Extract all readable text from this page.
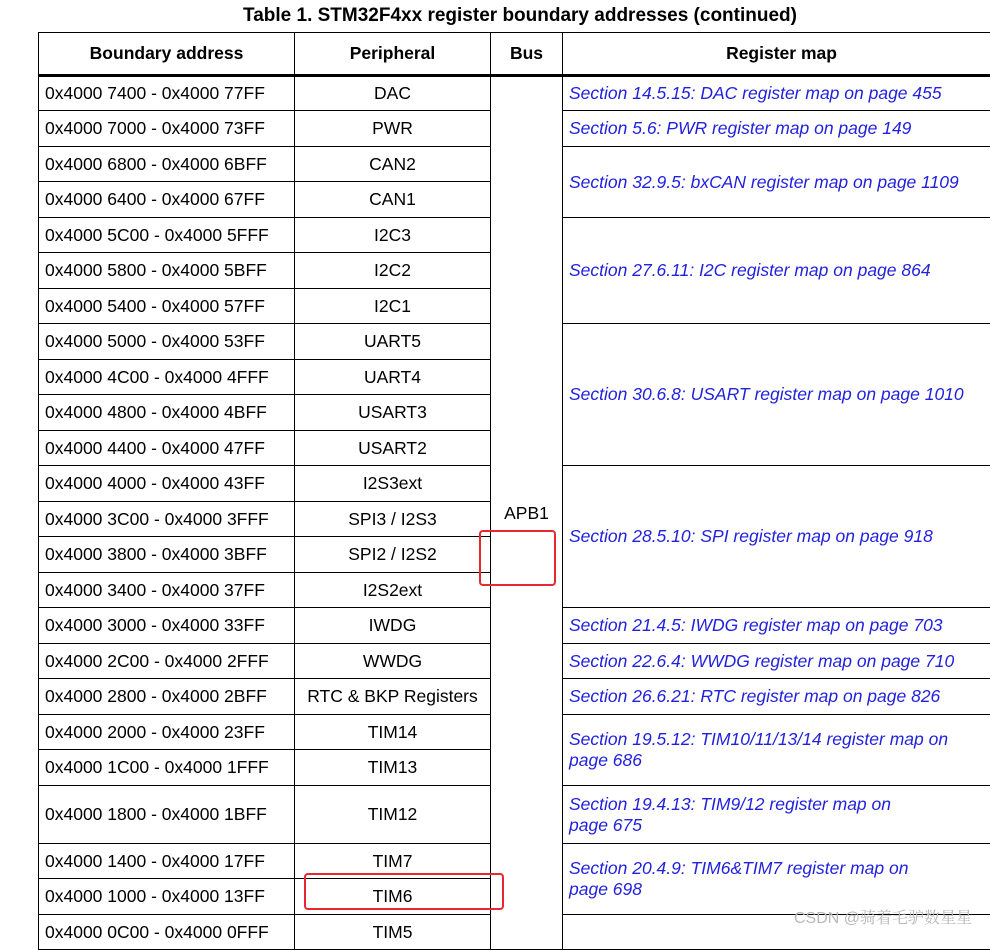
Table 1. STM32F4xx register boundary addresses (continued)
Boundary address	Peripheral	Bus	Register map
0x4000 7400 - 0x4000 77FF	DAC	APB1	Section 14.5.15: DAC register map on page 455

0x4000 7000 - 0x4000 73FF	PWR		Section 5.6: PWR register map on page 149

0x4000 6800 - 0x4000 6BFF	CAN2		Section 32.9.5: bxCAN register map on page 1109

0x4000 6400 - 0x4000 67FF	CAN1		
0x4000 5C00 - 0x4000 5FFF	I2C3		Section 27.6.11: I2C register map on page 864

0x4000 5800 - 0x4000 5BFF	I2C2		
0x4000 5400 - 0x4000 57FF	I2C1		
0x4000 5000 - 0x4000 53FF	UART5		Section 30.6.8: USART register map on page 1010

0x4000 4C00 - 0x4000 4FFF	UART4		
0x4000 4800 - 0x4000 4BFF	USART3		
0x4000 4400 - 0x4000 47FF	USART2		
0x4000 4000 - 0x4000 43FF	I2S3ext		Section 28.5.10: SPI register map on page 918

0x4000 3C00 - 0x4000 3FFF	SPI3 / I2S3		
0x4000 3800 - 0x4000 3BFF	SPI2 / I2S2		
0x4000 3400 - 0x4000 37FF	I2S2ext		
0x4000 3000 - 0x4000 33FF	IWDG		Section 21.4.5: IWDG register map on page 703

0x4000 2C00 - 0x4000 2FFF	WWDG		Section 22.6.4: WWDG register map on page 710

0x4000 2800 - 0x4000 2BFF	RTC & BKP Registers		Section 26.6.21: RTC register map on page 826

0x4000 2000 - 0x4000 23FF	TIM14		Section 19.5.12: TIM10/11/13/14 register map on
page 686

0x4000 1C00 - 0x4000 1FFF	TIM13		
0x4000 1800 - 0x4000 1BFF	TIM12		Section 19.4.13: TIM9/12 register map on
page 675

0x4000 1400 - 0x4000 17FF	TIM7		Section 20.4.9: TIM6&TIM7 register map on
page 698

0x4000 1000 - 0x4000 13FF	TIM6		
0x4000 0C00 - 0x4000 0FFF	TIM5		
CSDN @骑着毛驴数星星
